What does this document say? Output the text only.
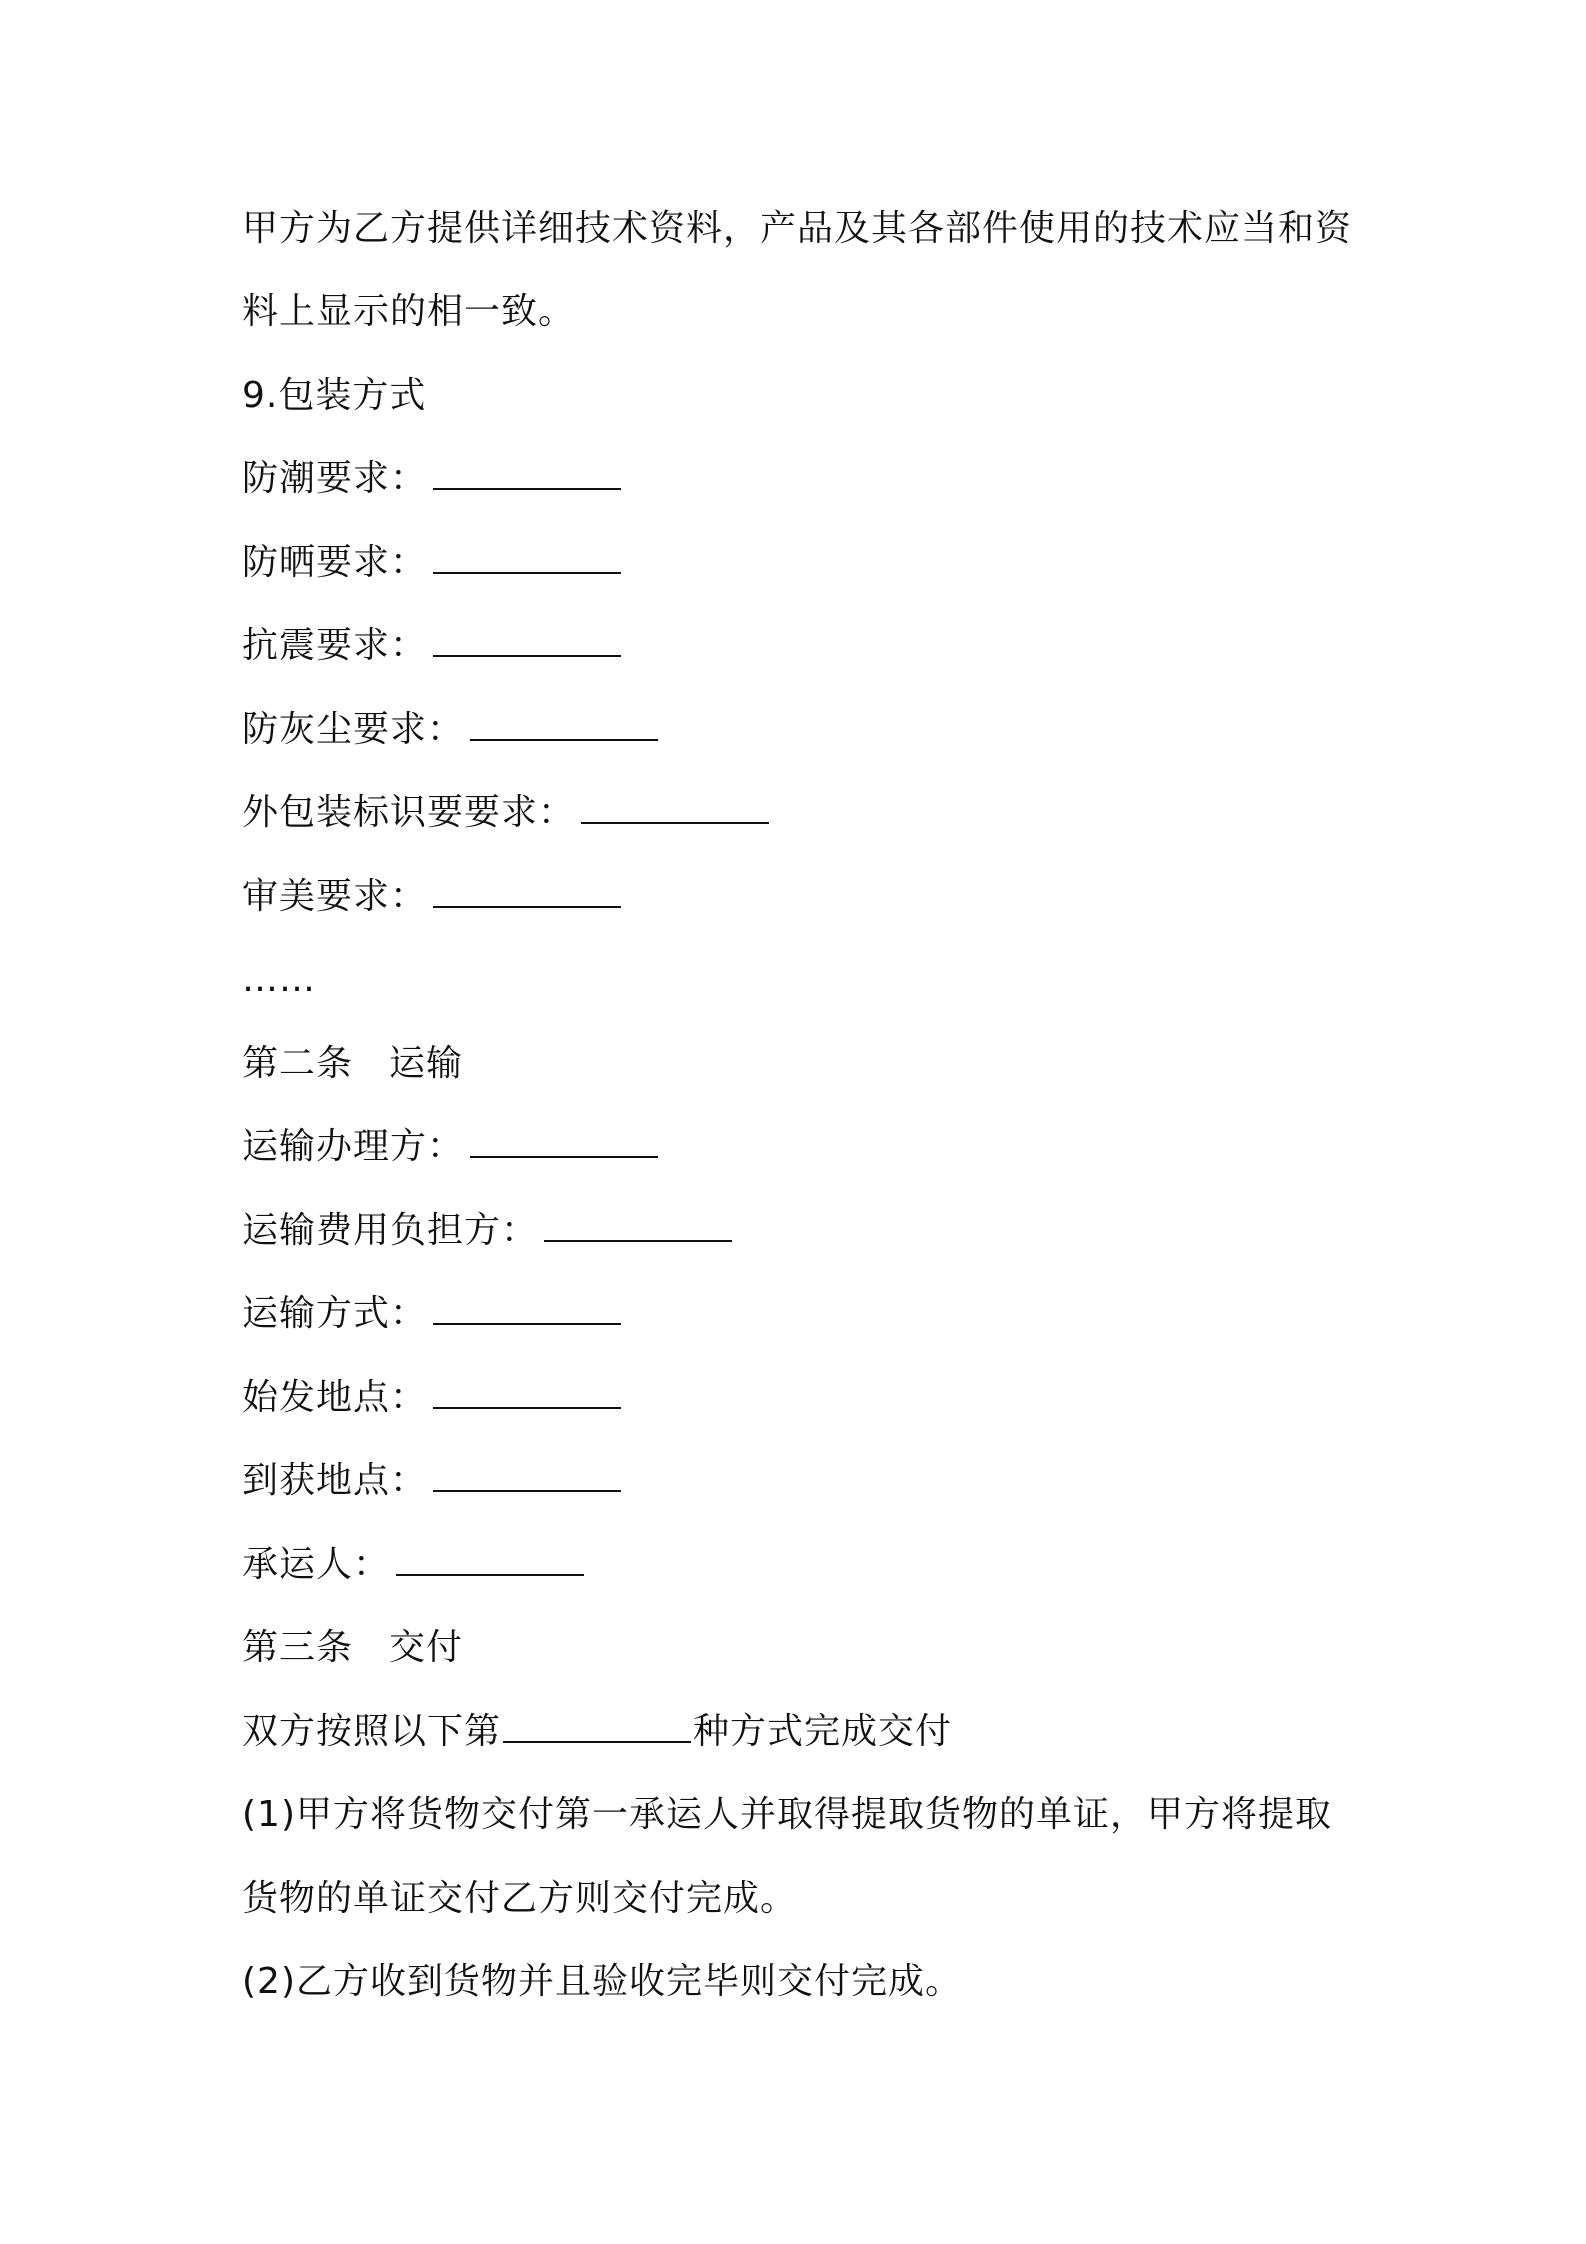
甲方为乙方提供详细技术资料，产品及其各部件使用的技术应当和资
料上显示的相一致。
9.包装方式
防潮要求：
防晒要求：
抗震要求：
防灰尘要求：
外包装标识要要求：
审美要求：
……
第二条 运输
运输办理方：
运输费用负担方：
运输方式：
始发地点：
到获地点：
承运人：
第三条 交付
双方按照以下第	种方式完成交付
(1)甲方将货物交付第一承运人并取得提取货物的单证，甲方将提取
货物的单证交付乙方则交付完成。
(2)乙方收到货物并且验收完毕则交付完成。
